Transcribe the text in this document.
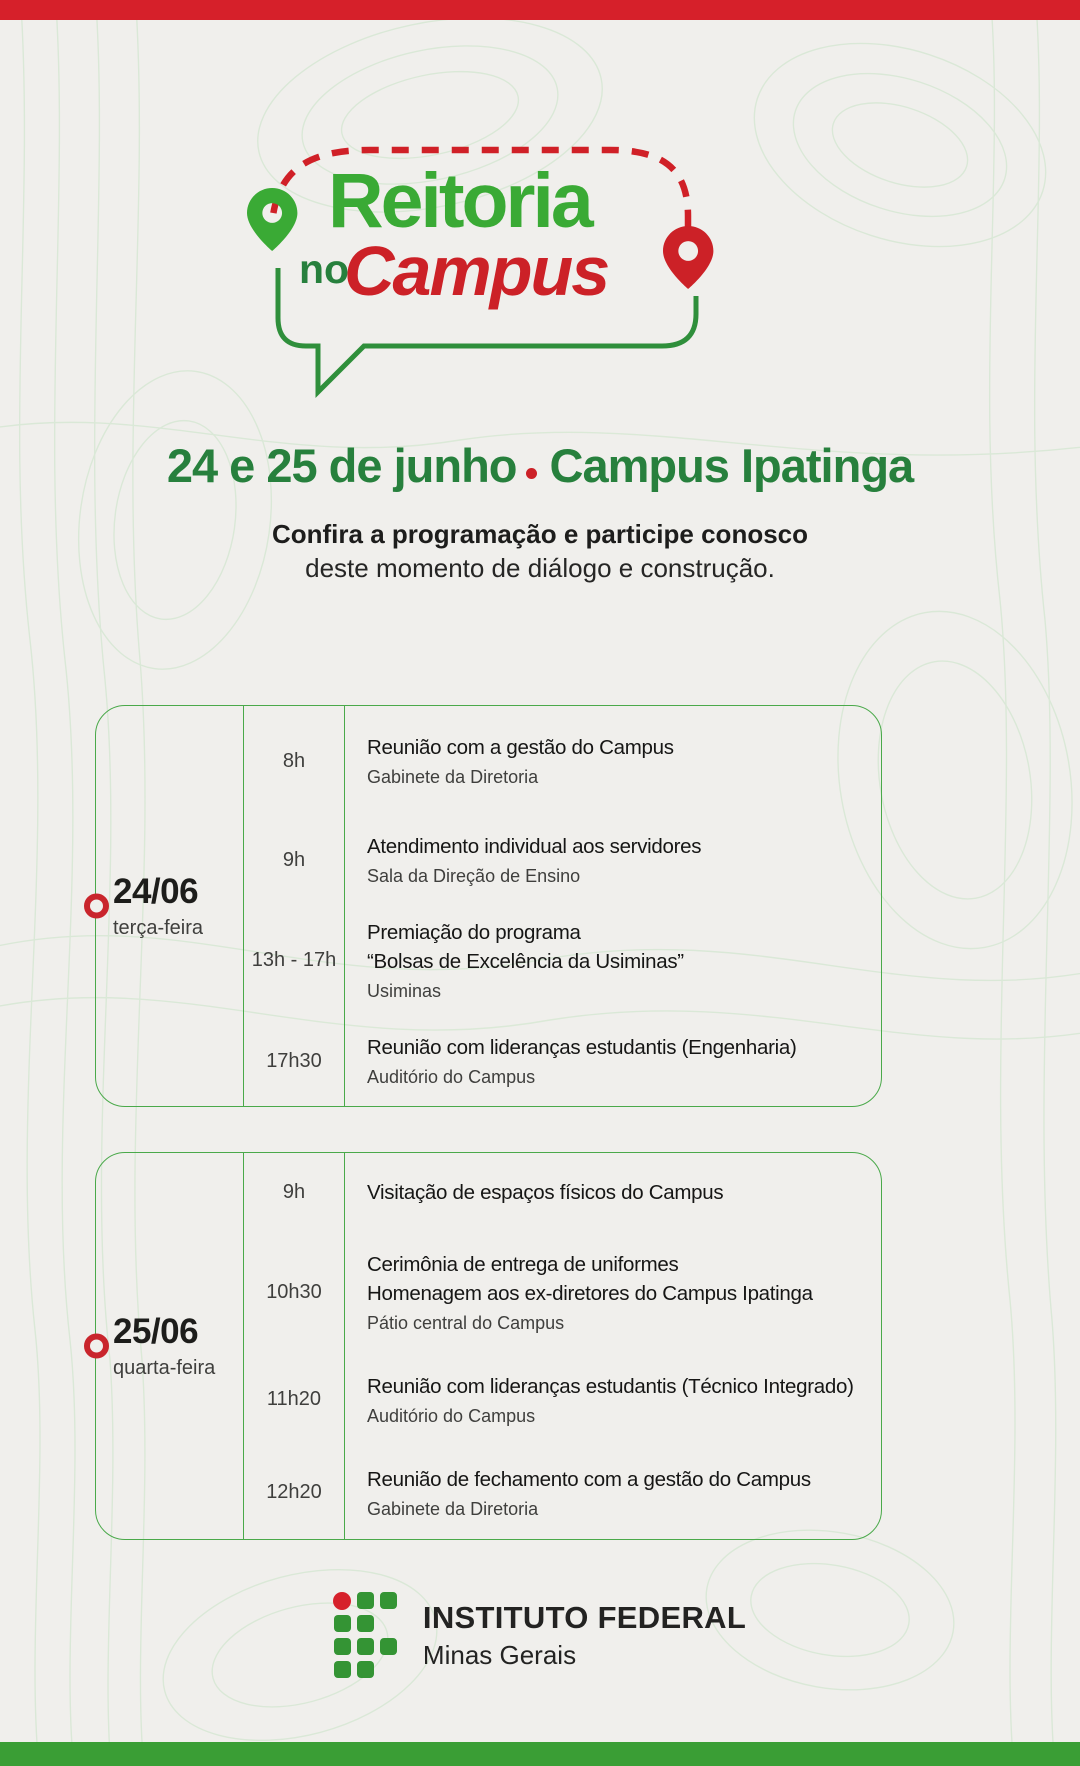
Reitoria
no
Campus
24 e 25 de junho Campus Ipatinga
Confira a programação e participe conosco
deste momento de diálogo e construção.
24/06
terça-feira
8h
Reunião com a gestão do Campus
Gabinete da Diretoria
9h
Atendimento individual aos servidores
Sala da Direção de Ensino
13h - 17h
Premiação do programa
“Bolsas de Excelência da Usiminas”
Usiminas
17h30
Reunião com lideranças estudantis (Engenharia)
Auditório do Campus
25/06
quarta-feira
9h	Visitação de espaços físicos do Campus
10h30
Cerimônia de entrega de uniformes
Homenagem aos ex-diretores do Campus Ipatinga
Pátio central do Campus
11h20
Reunião com lideranças estudantis (Técnico Integrado)
Auditório do Campus
12h20
Reunião de fechamento com a gestão do Campus
Gabinete da Diretoria
INSTITUTO FEDERAL
Minas Gerais
